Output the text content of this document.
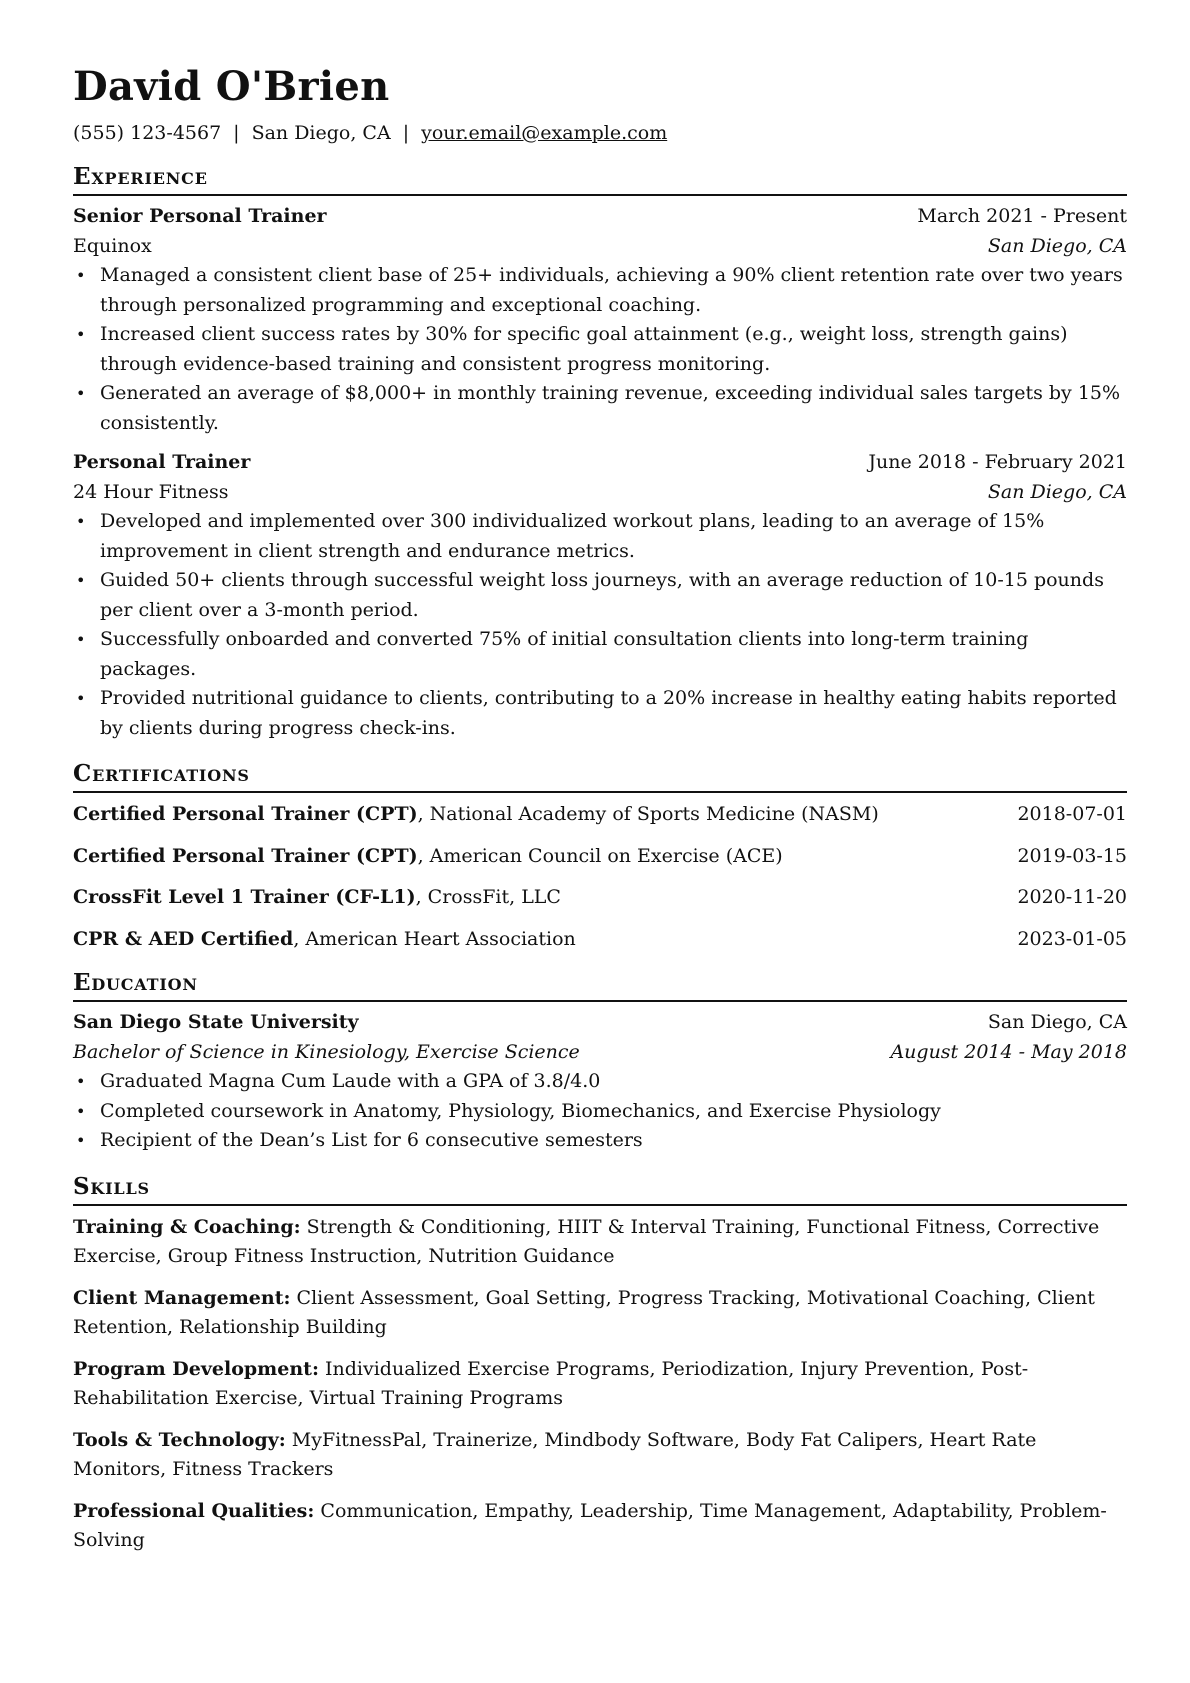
David O'Brien
(555) 123-4567 | San Diego, CA | your.email@example.com
Experience
Senior Personal Trainer	March 2021 - Present
Equinox	San Diego, CA
• Managed a consistent client base of 25+ individuals, achieving a 90% client retention rate over two years through personalized programming and exceptional coaching.
• Increased client success rates by 30% for specific goal attainment (e.g., weight loss, strength gains) through evidence-based training and consistent progress monitoring.
• Generated an average of $8,000+ in monthly training revenue, exceeding individual sales targets by 15% consistently.
Personal Trainer	June 2018 - February 2021
24 Hour Fitness	San Diego, CA
• Developed and implemented over 300 individualized workout plans, leading to an average of 15% improvement in client strength and endurance metrics.
• Guided 50+ clients through successful weight loss journeys, with an average reduction of 10-15 pounds per client over a 3-month period.
• Successfully onboarded and converted 75% of initial consultation clients into long-term training packages.
• Provided nutritional guidance to clients, contributing to a 20% increase in healthy eating habits reported by clients during progress check-ins.
Certifications
Certified Personal Trainer (CPT), National Academy of Sports Medicine (NASM)	2018-07-01
Certified Personal Trainer (CPT), American Council on Exercise (ACE)	2019-03-15
CrossFit Level 1 Trainer (CF-L1), CrossFit, LLC	2020-11-20
CPR & AED Certified, American Heart Association	2023-01-05
Education
San Diego State University	San Diego, CA
Bachelor of Science in Kinesiology, Exercise Science	August 2014 - May 2018
• Graduated Magna Cum Laude with a GPA of 3.8/4.0
• Completed coursework in Anatomy, Physiology, Biomechanics, and Exercise Physiology
• Recipient of the Dean’s List for 6 consecutive semesters
Skills
Training & Coaching: Strength & Conditioning, HIIT & Interval Training, Functional Fitness, Corrective Exercise, Group Fitness Instruction, Nutrition Guidance
Client Management: Client Assessment, Goal Setting, Progress Tracking, Motivational Coaching, Client Retention, Relationship Building
Program Development: Individualized Exercise Programs, Periodization, Injury Prevention, Post-Rehabilitation Exercise, Virtual Training Programs
Tools & Technology: MyFitnessPal, Trainerize, Mindbody Software, Body Fat Calipers, Heart Rate Monitors, Fitness Trackers
Professional Qualities: Communication, Empathy, Leadership, Time Management, Adaptability, Problem-Solving
